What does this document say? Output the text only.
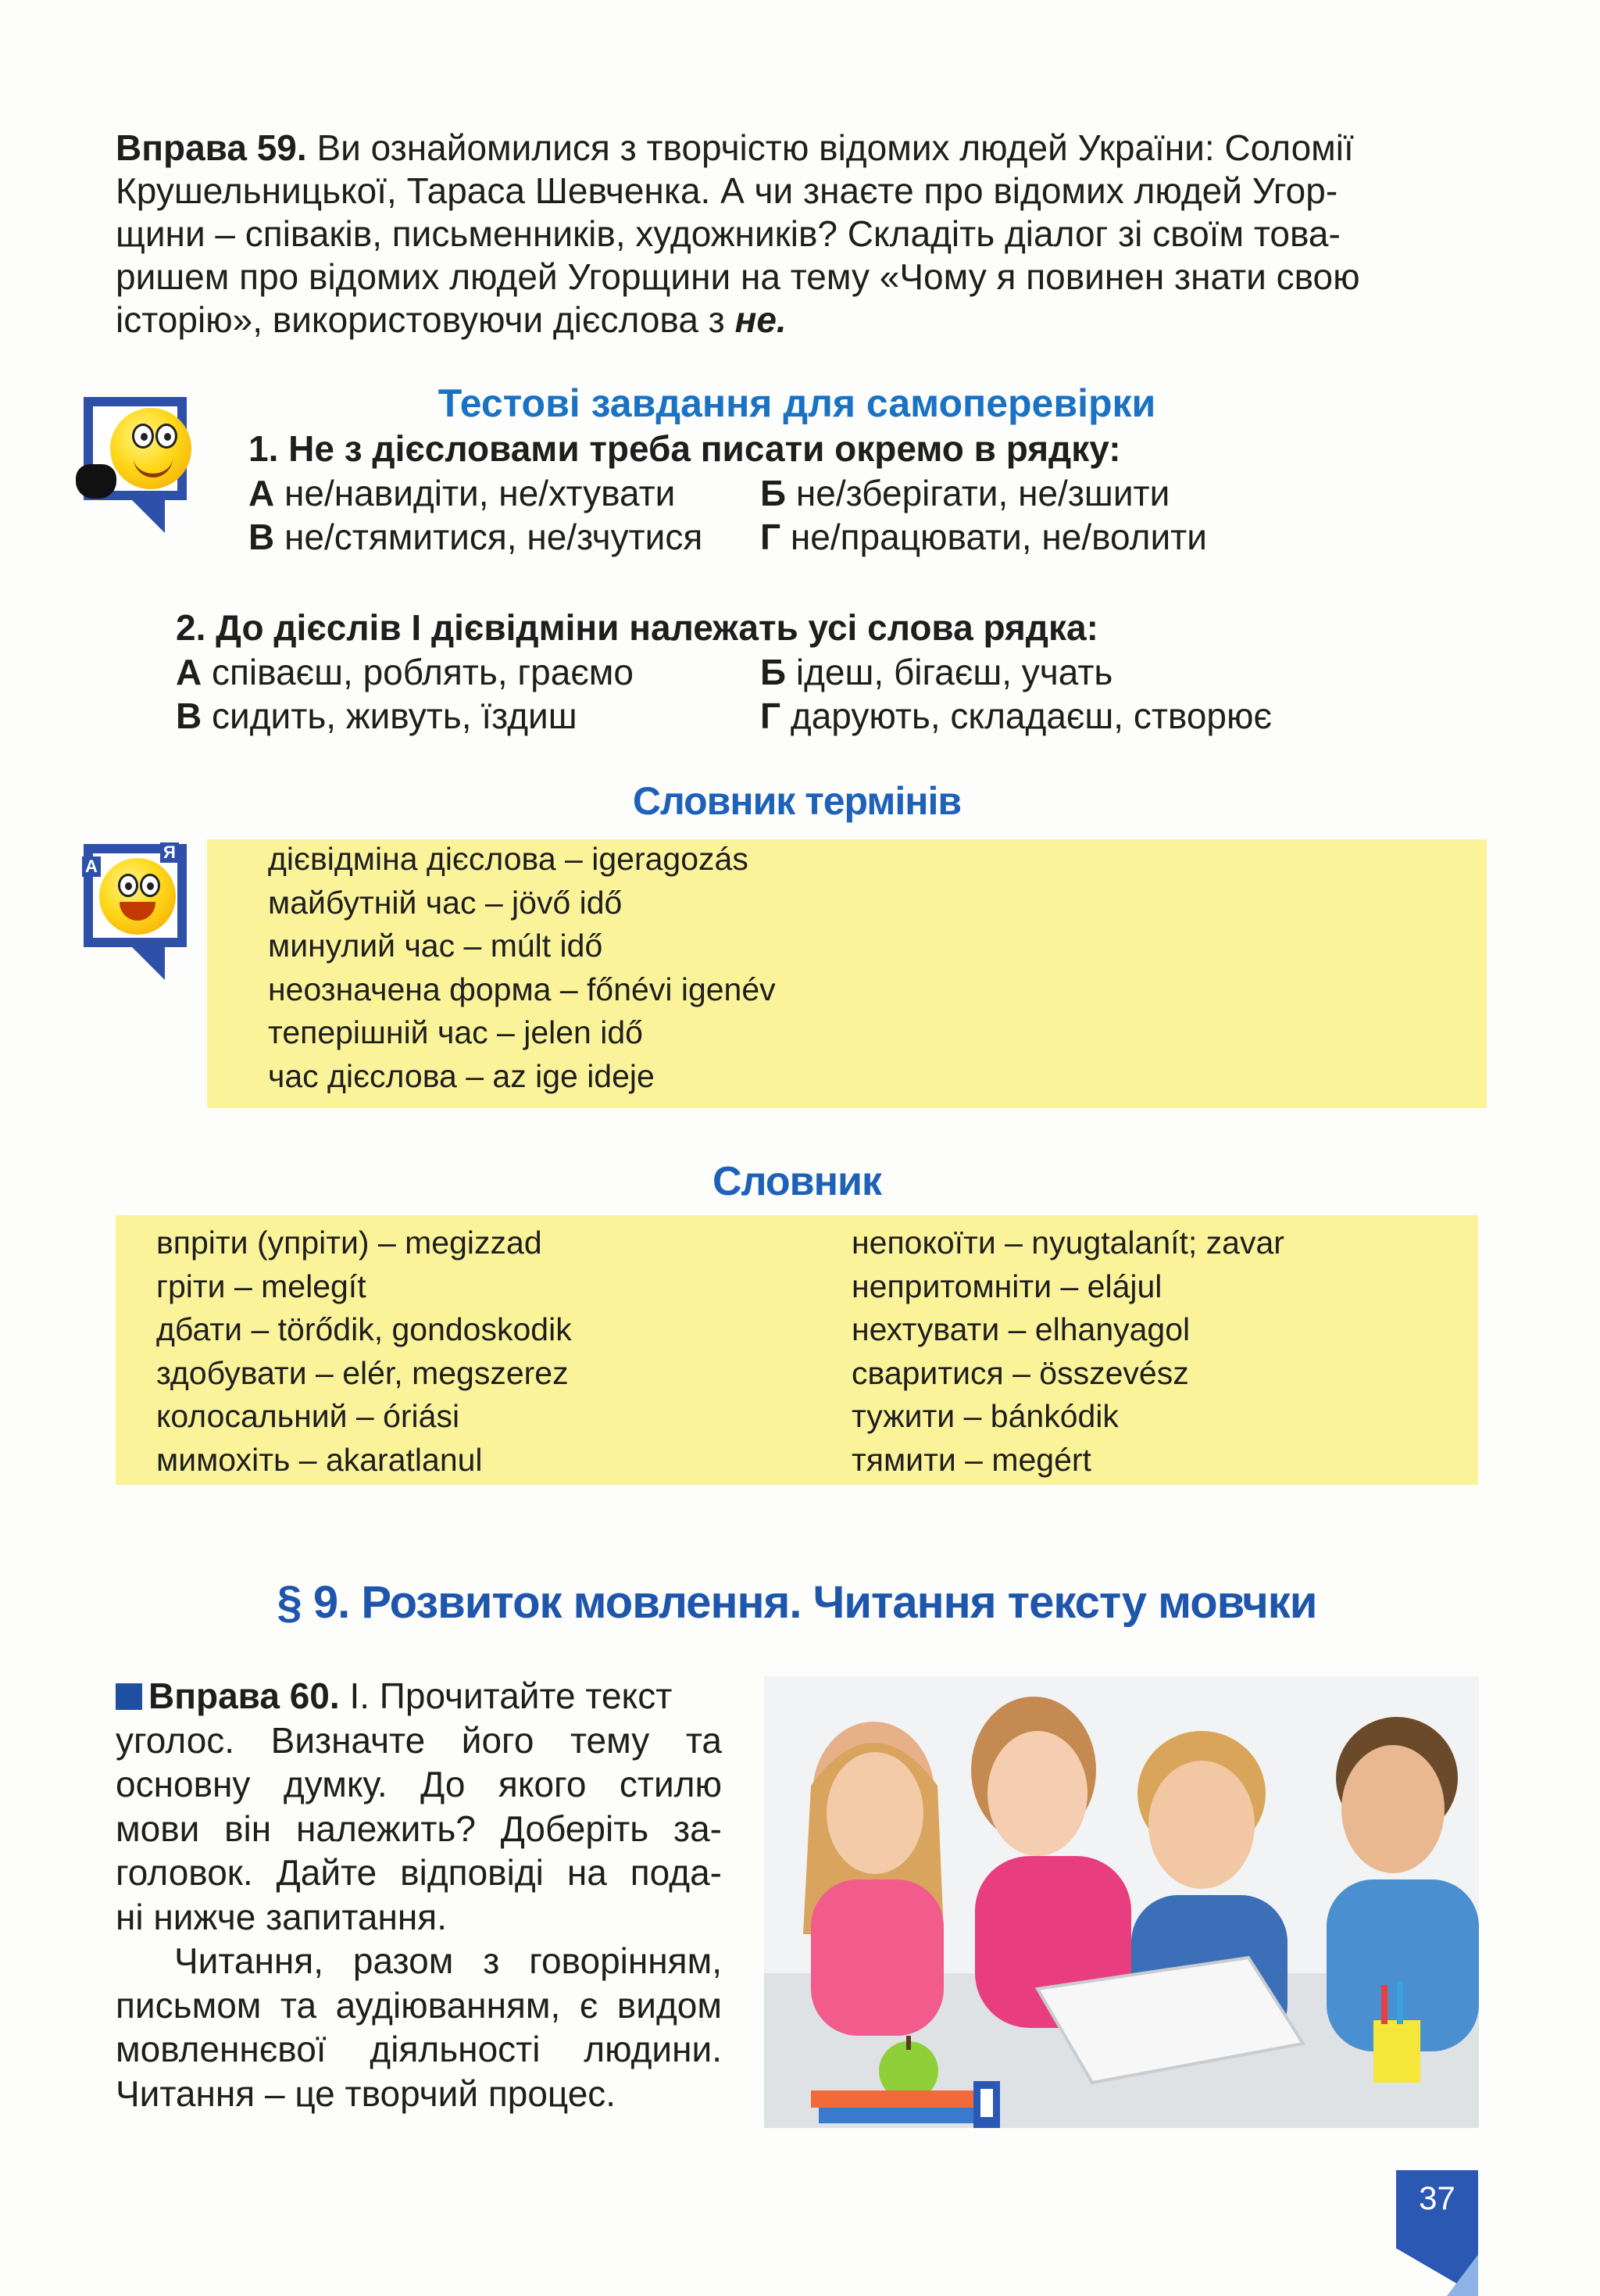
Вправа 59. Ви ознайомилися з творчістю відомих людей України: Соломії
Крушельницької, Тараса Шевченка. А чи знаєте про відомих людей Угор-
щини – співаків, письменників, художників? Складіть діалог зі своїм това-
ришем про відомих людей Угорщини на тему «Чому я повинен знати свою
історію», використовуючи дієслова з не.
Тестові завдання для самоперевірки
1. Не з дієсловами треба писати окремо в рядку:
А не/навидіти, не/хтувати Б не/зберігати, не/зшити
В не/стямитися, не/зчутися Г не/працювати, не/волити
2. До дієслів І дієвідміни належать усі слова рядка:
А співаєш, роблять, граємо	Б ідеш, бігаєш, учать
В сидить, живуть, їздиш	Г дарують, складаєш, створює
Словник термінів
А
Я	дієвідміна дієслова – igeragozás
майбутній час – jövő idő
минулий час – múlt idő
неозначена форма – főnévi igenév
теперішній час – jelen idő
час дієслова – az ige ideje
Словник
впріти (упріти) – megizzad
гріти – melegít
дбати – törődik, gondoskodik
здобувати – elér, megszerez
колосальний – óriási
мимохіть – akaratlanul
непокоїти – nyugtalanít; zavar
непритомніти – elájul
нехтувати – elhanyagol
сваритися – összevész
тужити – bánkódik
тямити – megért
§ 9. Розвиток мовлення. Читання тексту мовчки
Вправа 60. І. Прочитайте текст
уголос. Визначте його тему та
основну думку. До якого стилю
мови він належить? Доберіть за-
головок. Дайте відповіді на пода-
ні нижче запитання.
Читання, разом з говорінням,
письмом та аудіюванням, є видом
мовленнєвої діяльності людини.
Читання – це творчий процес.
37
